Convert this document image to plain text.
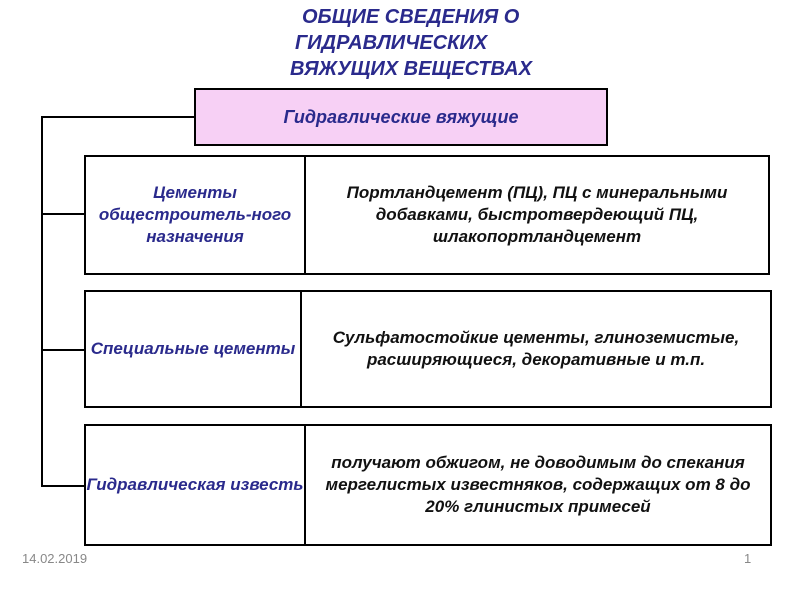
ОБЩИЕ СВЕДЕНИЯ О
ГИДРАВЛИЧЕСКИХ
ВЯЖУЩИХ ВЕЩЕСТВАХ
Гидравлические вяжущие
Цементы общестроитель-ного назначения
Портландцемент (ПЦ), ПЦ с минеральными добавками, быстротвердеющий ПЦ, шлакопортландцемент
Специальные цементы
Сульфатостойкие цементы, глиноземистые, расширяющиеся, декоративные и т.п.
Гидравлическая известь
получают обжигом, не доводимым до спекания мергелистых известняков, содержащих от 8 до 20% глинистых примесей
14.02.2019	1
